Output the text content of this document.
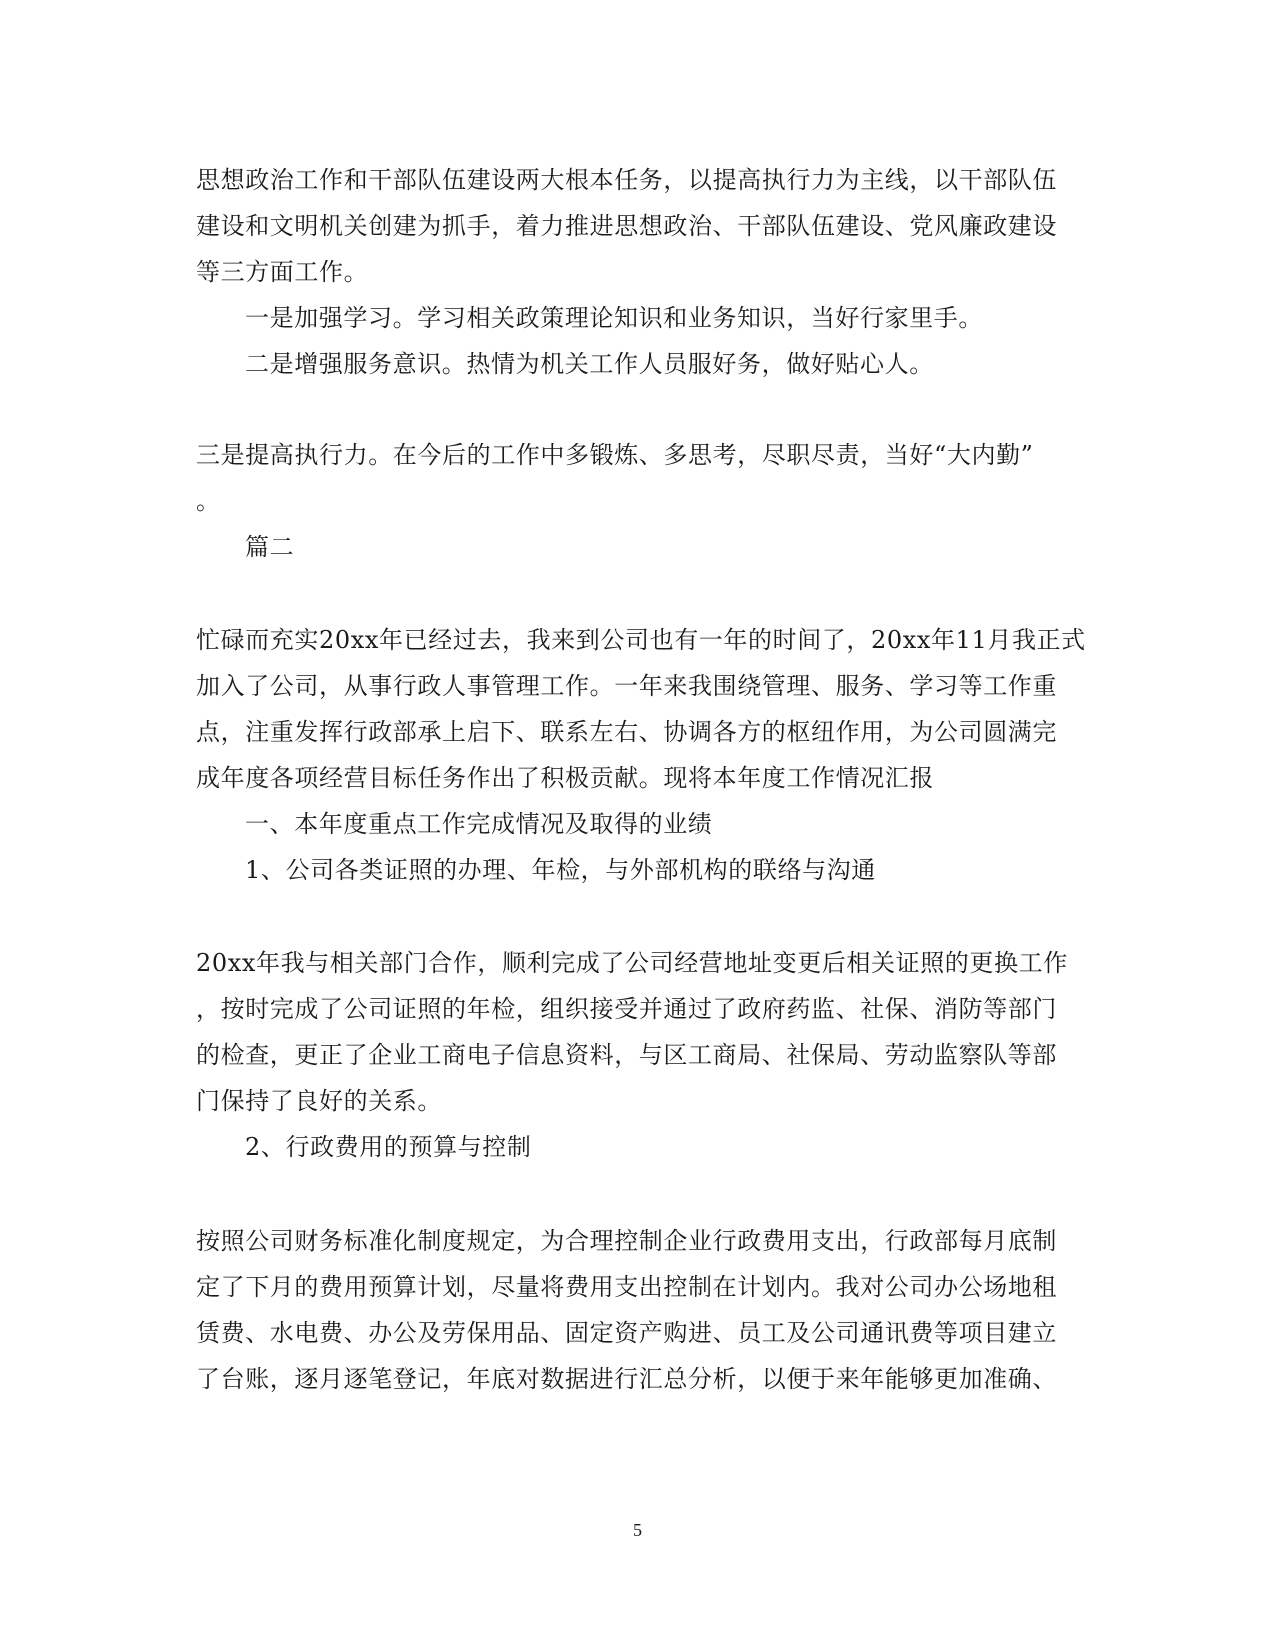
思想政治工作和干部队伍建设两大根本任务，以提高执行力为主线，以干部队伍
建设和文明机关创建为抓手，着力推进思想政治、干部队伍建设、党风廉政建设
等三方面工作。
一是加强学习。学习相关政策理论知识和业务知识，当好行家里手。
二是增强服务意识。热情为机关工作人员服好务，做好贴心人。
三是提高执行力。在今后的工作中多锻炼、多思考，尽职尽责，当好“大内勤”
。
篇二
忙碌而充实20xx年已经过去，我来到公司也有一年的时间了，20xx年11月我正式
加入了公司，从事行政人事管理工作。一年来我围绕管理、服务、学习等工作重
点，注重发挥行政部承上启下、联系左右、协调各方的枢纽作用，为公司圆满完
成年度各项经营目标任务作出了积极贡献。现将本年度工作情况汇报
一、本年度重点工作完成情况及取得的业绩
1、公司各类证照的办理、年检，与外部机构的联络与沟通
20xx年我与相关部门合作，顺利完成了公司经营地址变更后相关证照的更换工作
，按时完成了公司证照的年检，组织接受并通过了政府药监、社保、消防等部门
的检查，更正了企业工商电子信息资料，与区工商局、社保局、劳动监察队等部
门保持了良好的关系。
2、行政费用的预算与控制
按照公司财务标准化制度规定，为合理控制企业行政费用支出，行政部每月底制
定了下月的费用预算计划，尽量将费用支出控制在计划内。我对公司办公场地租
赁费、水电费、办公及劳保用品、固定资产购进、员工及公司通讯费等项目建立
了台账，逐月逐笔登记，年底对数据进行汇总分析，以便于来年能够更加准确、
5
